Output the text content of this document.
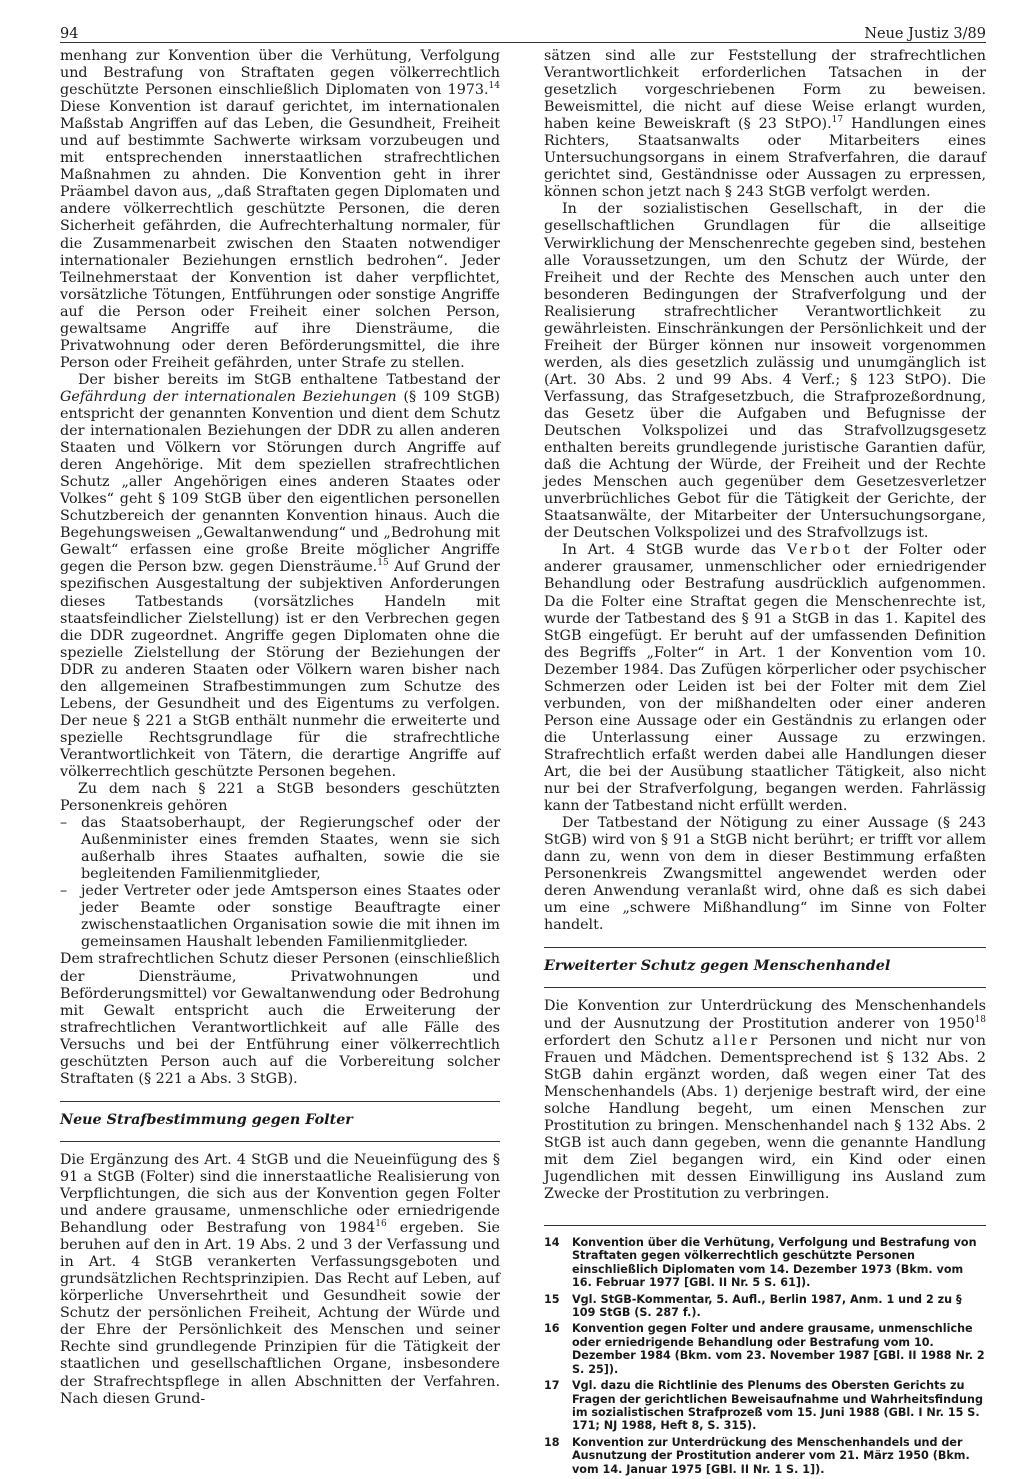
94	Neue Justiz 3/89

menhang zur Konvention über die Verhütung, Verfolgung und Bestrafung von Straftaten gegen völkerrechtlich geschützte Personen einschließlich Diplomaten von 1973.14 Diese Konvention ist darauf gerichtet, im internationalen Maßstab Angriffen auf das Leben, die Gesundheit, Freiheit und auf bestimmte Sachwerte wirksam vorzubeugen und mit entsprechenden innerstaatlichen strafrechtlichen Maßnahmen zu ahnden. Die Konvention geht in ihrer Präambel davon aus, „daß Straftaten gegen Diplomaten und andere völkerrechtlich geschützte Personen, die deren Sicherheit gefährden, die Aufrechterhaltung normaler, für die Zusammenarbeit zwischen den Staaten notwendiger internationaler Beziehungen ernstlich bedrohen“. Jeder Teilnehmerstaat der Konvention ist daher verpflichtet, vorsätzliche Tötungen, Entführungen oder sonstige Angriffe auf die Person oder Freiheit einer solchen Person, gewaltsame Angriffe auf ihre Diensträume, die Privatwohnung oder deren Beförderungsmittel, die ihre Person oder Freiheit gefährden, unter Strafe zu stellen.

Der bisher bereits im StGB enthaltene Tatbestand der Gefährdung der internationalen Beziehungen (§ 109 StGB) entspricht der genannten Konvention und dient dem Schutz der internationalen Beziehungen der DDR zu allen anderen Staaten und Völkern vor Störungen durch Angriffe auf deren Angehörige. Mit dem speziellen strafrechtlichen Schutz „aller Angehörigen eines anderen Staates oder Volkes“ geht § 109 StGB über den eigentlichen personellen Schutzbereich der genannten Konvention hinaus. Auch die Begehungsweisen „Gewaltanwendung“ und „Bedrohung mit Gewalt“ erfassen eine große Breite möglicher Angriffe gegen die Person bzw. gegen Diensträume.$^{15}$ Auf Grund der spezifischen Ausgestaltung der subjektiven Anforderungen dieses Tatbestands (vorsätzliches Handeln mit staatsfeindlicher Zielstellung) ist er den Verbrechen gegen die DDR zugeordnet. Angriffe gegen Diplomaten ohne die spezielle Zielstellung der Störung der Beziehungen der DDR zu anderen Staaten oder Völkern waren bisher nach den allgemeinen Strafbestimmungen zum Schutze des Lebens, der Gesundheit und des Eigentums zu verfolgen. Der neue § 221 a StGB enthält nunmehr die erweiterte und spezielle Rechtsgrundlage für die strafrechtliche Verantwortlichkeit von Tätern, die derartige Angriffe auf völkerrechtlich geschützte Personen begehen.

Zu dem nach § 221 a StGB besonders geschützten Personenkreis gehören

– das Staatsoberhaupt, der Regierungschef oder der Außenminister eines fremden Staates, wenn sie sich außerhalb ihres Staates aufhalten, sowie die sie begleitenden Familienmitglieder,
– jeder Vertreter oder jede Amtsperson eines Staates oder jeder Beamte oder sonstige Beauftragte einer zwischenstaatlichen Organisation sowie die mit ihnen im gemeinsamen Haushalt lebenden Familienmitglieder.

Dem strafrechtlichen Schutz dieser Personen (einschließlich der Diensträume, Privatwohnungen und Beförderungsmittel) vor Gewaltanwendung oder Bedrohung mit Gewalt entspricht auch die Erweiterung der strafrechtlichen Verantwortlichkeit auf alle Fälle des Versuchs und bei der Entführung einer völkerrechtlich geschützten Person auch auf die Vorbereitung solcher Straftaten (§ 221 a Abs. 3 StGB).

Neue Strafbestimmung gegen Folter

Die Ergänzung des Art. 4 StGB und die Neueinfügung des § 91 a StGB (Folter) sind die innerstaatliche Realisierung von Verpflichtungen, die sich aus der Konvention gegen Folter und andere grausame, unmenschliche oder erniedrigende Behandlung oder Bestrafung von 1984$^{16}$ ergeben. Sie beruhen auf den in Art. 19 Abs. 2 und 3 der Verfassung und in Art. 4 StGB verankerten Verfassungsgeboten und grundsätzlichen Rechtsprinzipien. Das Recht auf Leben, auf körperliche Unversehrtheit und Gesundheit sowie der Schutz der persönlichen Freiheit, Achtung der Würde und der Ehre der Persönlichkeit des Menschen und seiner Rechte sind grundlegende Prinzipien für die Tätigkeit der staatlichen und gesellschaftlichen Organe, insbesondere der Strafrechtspflege in allen Abschnitten der Verfahren. Nach diesen Grund-

sätzen sind alle zur Feststellung der strafrechtlichen Verantwortlichkeit erforderlichen Tatsachen in der gesetzlich vorgeschriebenen Form zu beweisen. Beweismittel, die nicht auf diese Weise erlangt wurden, haben keine Beweiskraft (§ 23 StPO).$^{17}$ Handlungen eines Richters, Staatsanwalts oder Mitarbeiters eines Untersuchungsorgans in einem Strafverfahren, die darauf gerichtet sind, Geständnisse oder Aussagen zu erpressen, können schon jetzt nach § 243 StGB verfolgt werden.

In der sozialistischen Gesellschaft, in der die gesellschaftlichen Grundlagen für die allseitige Verwirklichung der Menschenrechte gegeben sind, bestehen alle Voraussetzungen, um den Schutz der Würde, der Freiheit und der Rechte des Menschen auch unter den besonderen Bedingungen der Strafverfolgung und der Realisierung strafrechtlicher Verantwortlichkeit zu gewährleisten. Einschränkungen der Persönlichkeit und der Freiheit der Bürger können nur insoweit vorgenommen werden, als dies gesetzlich zulässig und unumgänglich ist (Art. 30 Abs. 2 und 99 Abs. 4 Verf.; § 123 StPO). Die Verfassung, das Strafgesetzbuch, die Strafprozeßordnung, das Gesetz über die Aufgaben und Befugnisse der Deutschen Volkspolizei und das Strafvollzugsgesetz enthalten bereits grundlegende juristische Garantien dafür, daß die Achtung der Würde, der Freiheit und der Rechte jedes Menschen auch gegenüber dem Gesetzesverletzer unverbrüchliches Gebot für die Tätigkeit der Gerichte, der Staatsanwälte, der Mitarbeiter der Untersuchungsorgane, der Deutschen Volkspolizei und des Strafvollzugs ist.

In Art. 4 StGB wurde das Verbot der Folter oder anderer grausamer, unmenschlicher oder erniedrigender Behandlung oder Bestrafung ausdrücklich aufgenommen. Da die Folter eine Straftat gegen die Menschenrechte ist, wurde der Tatbestand des § 91 a StGB in das 1. Kapitel des StGB eingefügt. Er beruht auf der umfassenden Definition des Begriffs „Folter“ in Art. 1 der Konvention vom 10. Dezember 1984. Das Zufügen körperlicher oder psychischer Schmerzen oder Leiden ist bei der Folter mit dem Ziel verbunden, von der mißhandelten oder einer anderen Person eine Aussage oder ein Geständnis zu erlangen oder die Unterlassung einer Aussage zu erzwingen. Strafrechtlich erfaßt werden dabei alle Handlungen dieser Art, die bei der Ausübung staatlicher Tätigkeit, also nicht nur bei der Strafverfolgung, begangen werden. Fahrlässig kann der Tatbestand nicht erfüllt werden.

Der Tatbestand der Nötigung zu einer Aussage (§ 243 StGB) wird von § 91 a StGB nicht berührt; er trifft vor allem dann zu, wenn von dem in dieser Bestimmung erfaßten Personenkreis Zwangsmittel angewendet werden oder deren Anwendung veranlaßt wird, ohne daß es sich dabei um eine „schwere Mißhandlung“ im Sinne von Folter handelt.

Erweiterter Schutz gegen Menschenhandel

Die Konvention zur Unterdrückung des Menschenhandels und der Ausnutzung der Prostitution anderer von 1950$^{18}$ erfordert den Schutz aller Personen und nicht nur von Frauen und Mädchen. Dementsprechend ist § 132 Abs. 2 StGB dahin ergänzt worden, daß wegen einer Tat des Menschenhandels (Abs. 1) derjenige bestraft wird, der eine solche Handlung begeht, um einen Menschen zur Prostitution zu bringen. Menschenhandel nach § 132 Abs. 2 StGB ist auch dann gegeben, wenn die genannte Handlung mit dem Ziel begangen wird, ein Kind oder einen Jugendlichen mit dessen Einwilligung ins Ausland zum Zwecke der Prostitution zu verbringen.

14	Konvention über die Verhütung, Verfolgung und Bestrafung von Straftaten gegen völkerrechtlich geschützte Personen einschließlich Diplomaten vom 14. Dezember 1973 (Bkm. vom 16. Februar 1977 [GBl. II Nr. 5 S. 61]).
15	Vgl. StGB-Kommentar, 5. Aufl., Berlin 1987, Anm. 1 und 2 zu § 109 StGB (S. 287 f.).
16	Konvention gegen Folter und andere grausame, unmenschliche oder erniedrigende Behandlung oder Bestrafung vom 10. Dezember 1984 (Bkm. vom 23. November 1987 [GBl. II 1988 Nr. 2 S. 25]).
17	Vgl. dazu die Richtlinie des Plenums des Obersten Gerichts zu Fragen der gerichtlichen Beweisaufnahme und Wahrheitsfindung im sozialistischen Strafprozeß vom 15. Juni 1988 (GBl. I Nr. 15 S. 171; NJ 1988, Heft 8, S. 315).
18	Konvention zur Unterdrückung des Menschenhandels und der Ausnutzung der Prostitution anderer vom 21. März 1950 (Bkm. vom 14. Januar 1975 [GBl. II Nr. 1 S. 1]).
